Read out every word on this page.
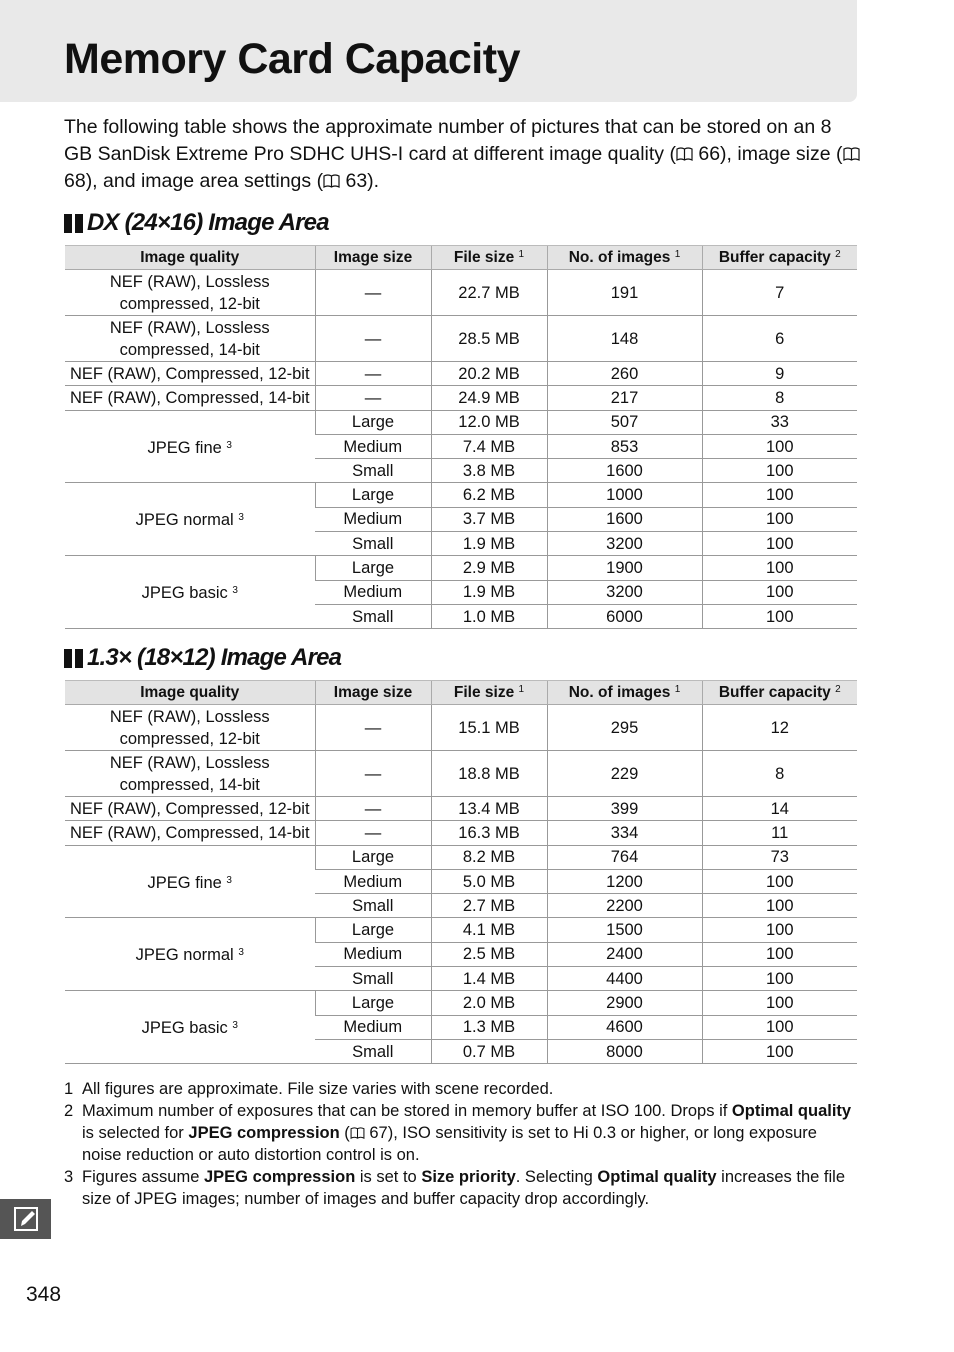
Memory Card Capacity

The following table shows the approximate number of pictures that can be stored on an 8 GB SanDisk Extreme Pro SDHC UHS-I card at different image quality ( 66), image size ( 68), and image area settings ( 63).

DX (24×16) Image Area
Image quality	Image size	File size $^1$	No. of images $^1$	Buffer capacity $^2$
NEF (RAW), Lossless
compressed, 12-bit	—	22.7 MB	191	7
NEF (RAW), Lossless
compressed, 14-bit	—	28.5 MB	148	6
NEF (RAW), Compressed, 12-bit	—	20.2 MB	260	9
NEF (RAW), Compressed, 14-bit	—	24.9 MB	217	8
JPEG fine $^3$	Large	12.0 MB	507	33
	Medium	7.4 MB	853	100
	Small	3.8 MB	1600	100
JPEG normal $^3$	Large	6.2 MB	1000	100
	Medium	3.7 MB	1600	100
	Small	1.9 MB	3200	100
JPEG basic $^3$	Large	2.9 MB	1900	100
	Medium	1.9 MB	3200	100
	Small	1.0 MB	6000	100
1.3× (18×12) Image Area
Image quality	Image size	File size $^1$	No. of images $^1$	Buffer capacity $^2$
NEF (RAW), Lossless
compressed, 12-bit	—	15.1 MB	295	12
NEF (RAW), Lossless
compressed, 14-bit	—	18.8 MB	229	8
NEF (RAW), Compressed, 12-bit	—	13.4 MB	399	14
NEF (RAW), Compressed, 14-bit	—	16.3 MB	334	11
JPEG fine $^3$	Large	8.2 MB	764	73
	Medium	5.0 MB	1200	100
	Small	2.7 MB	2200	100
JPEG normal $^3$	Large	4.1 MB	1500	100
	Medium	2.5 MB	2400	100
	Small	1.4 MB	4400	100
JPEG basic $^3$	Large	2.0 MB	2900	100
	Medium	1.3 MB	4600	100
	Small	0.7 MB	8000	100
1 All figures are approximate. File size varies with scene recorded.
2 Maximum number of exposures that can be stored in memory buffer at ISO 100. Drops if Optimal quality is selected for JPEG compression ( 67), ISO sensitivity is set to Hi 0.3 or higher, or long exposure noise reduction or auto distortion control is on.
3 Figures assume JPEG compression is set to Size priority. Selecting Optimal quality increases the file size of JPEG images; number of images and buffer capacity drop accordingly.
348
